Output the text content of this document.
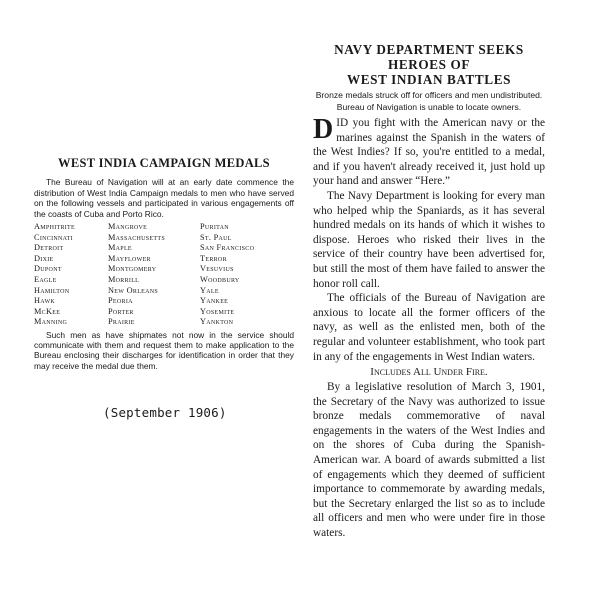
WEST INDIA CAMPAIGN MEDALS
The Bureau of Navigation will at an early date commence the distribution of West India Campaign medals to men who have served on the following vessels and participated in various engagements off the coasts of Cuba and Porto Rico.
Amphitrite	Mangrove	Puritan
Cincinnati	Massachusetts	St. Paul
Detroit	Maple	San Francisco
Dixie	Mayflower	Terror
Dupont	Montgomery	Vesuvius
Eagle	Morrill	Woodbury
Hamilton	New Orleans	Yale
Hawk	Peoria	Yankee
McKee	Porter	Yosemite
Manning	Prairie	Yankton
Such men as have shipmates not now in the service should communicate with them and request them to make application to the Bureau enclosing their discharges for identification in order that they may receive the medal due them.
(September 1906)
NAVY DEPARTMENT SEEKS
HEROES OF
WEST INDIAN BATTLES
Bronze medals struck off for officers and men undistributed.
Bureau of Navigation is unable to locate owners.

DID you fight with the American navy or the marines against the Spanish in the waters of the West Indies? If so, you're entitled to a medal, and if you haven't already received it, just hold up your hand and answer “Here.”

The Navy Department is looking for every man who helped whip the Spaniards, as it has several hundred medals on its hands of which it wishes to dispose. Heroes who risked their lives in the service of their country have been advertised for, but still the most of them have failed to answer the honor roll call.

The officials of the Bureau of Navigation are anxious to locate all the former officers of the navy, as well as the enlisted men, both of the regular and volunteer establishment, who took part in any of the engagements in West Indian waters.

Includes All Under Fire.

By a legislative resolution of March 3, 1901, the Secretary of the Navy was authorized to issue bronze medals commemorative of naval engagements in the waters of the West Indies and on the shores of Cuba during the Spanish-American war. A board of awards submitted a list of engagements which they deemed of sufficient importance to commemorate by awarding medals, but the Secretary enlarged the list so as to include all officers and men who were under fire in those waters.
